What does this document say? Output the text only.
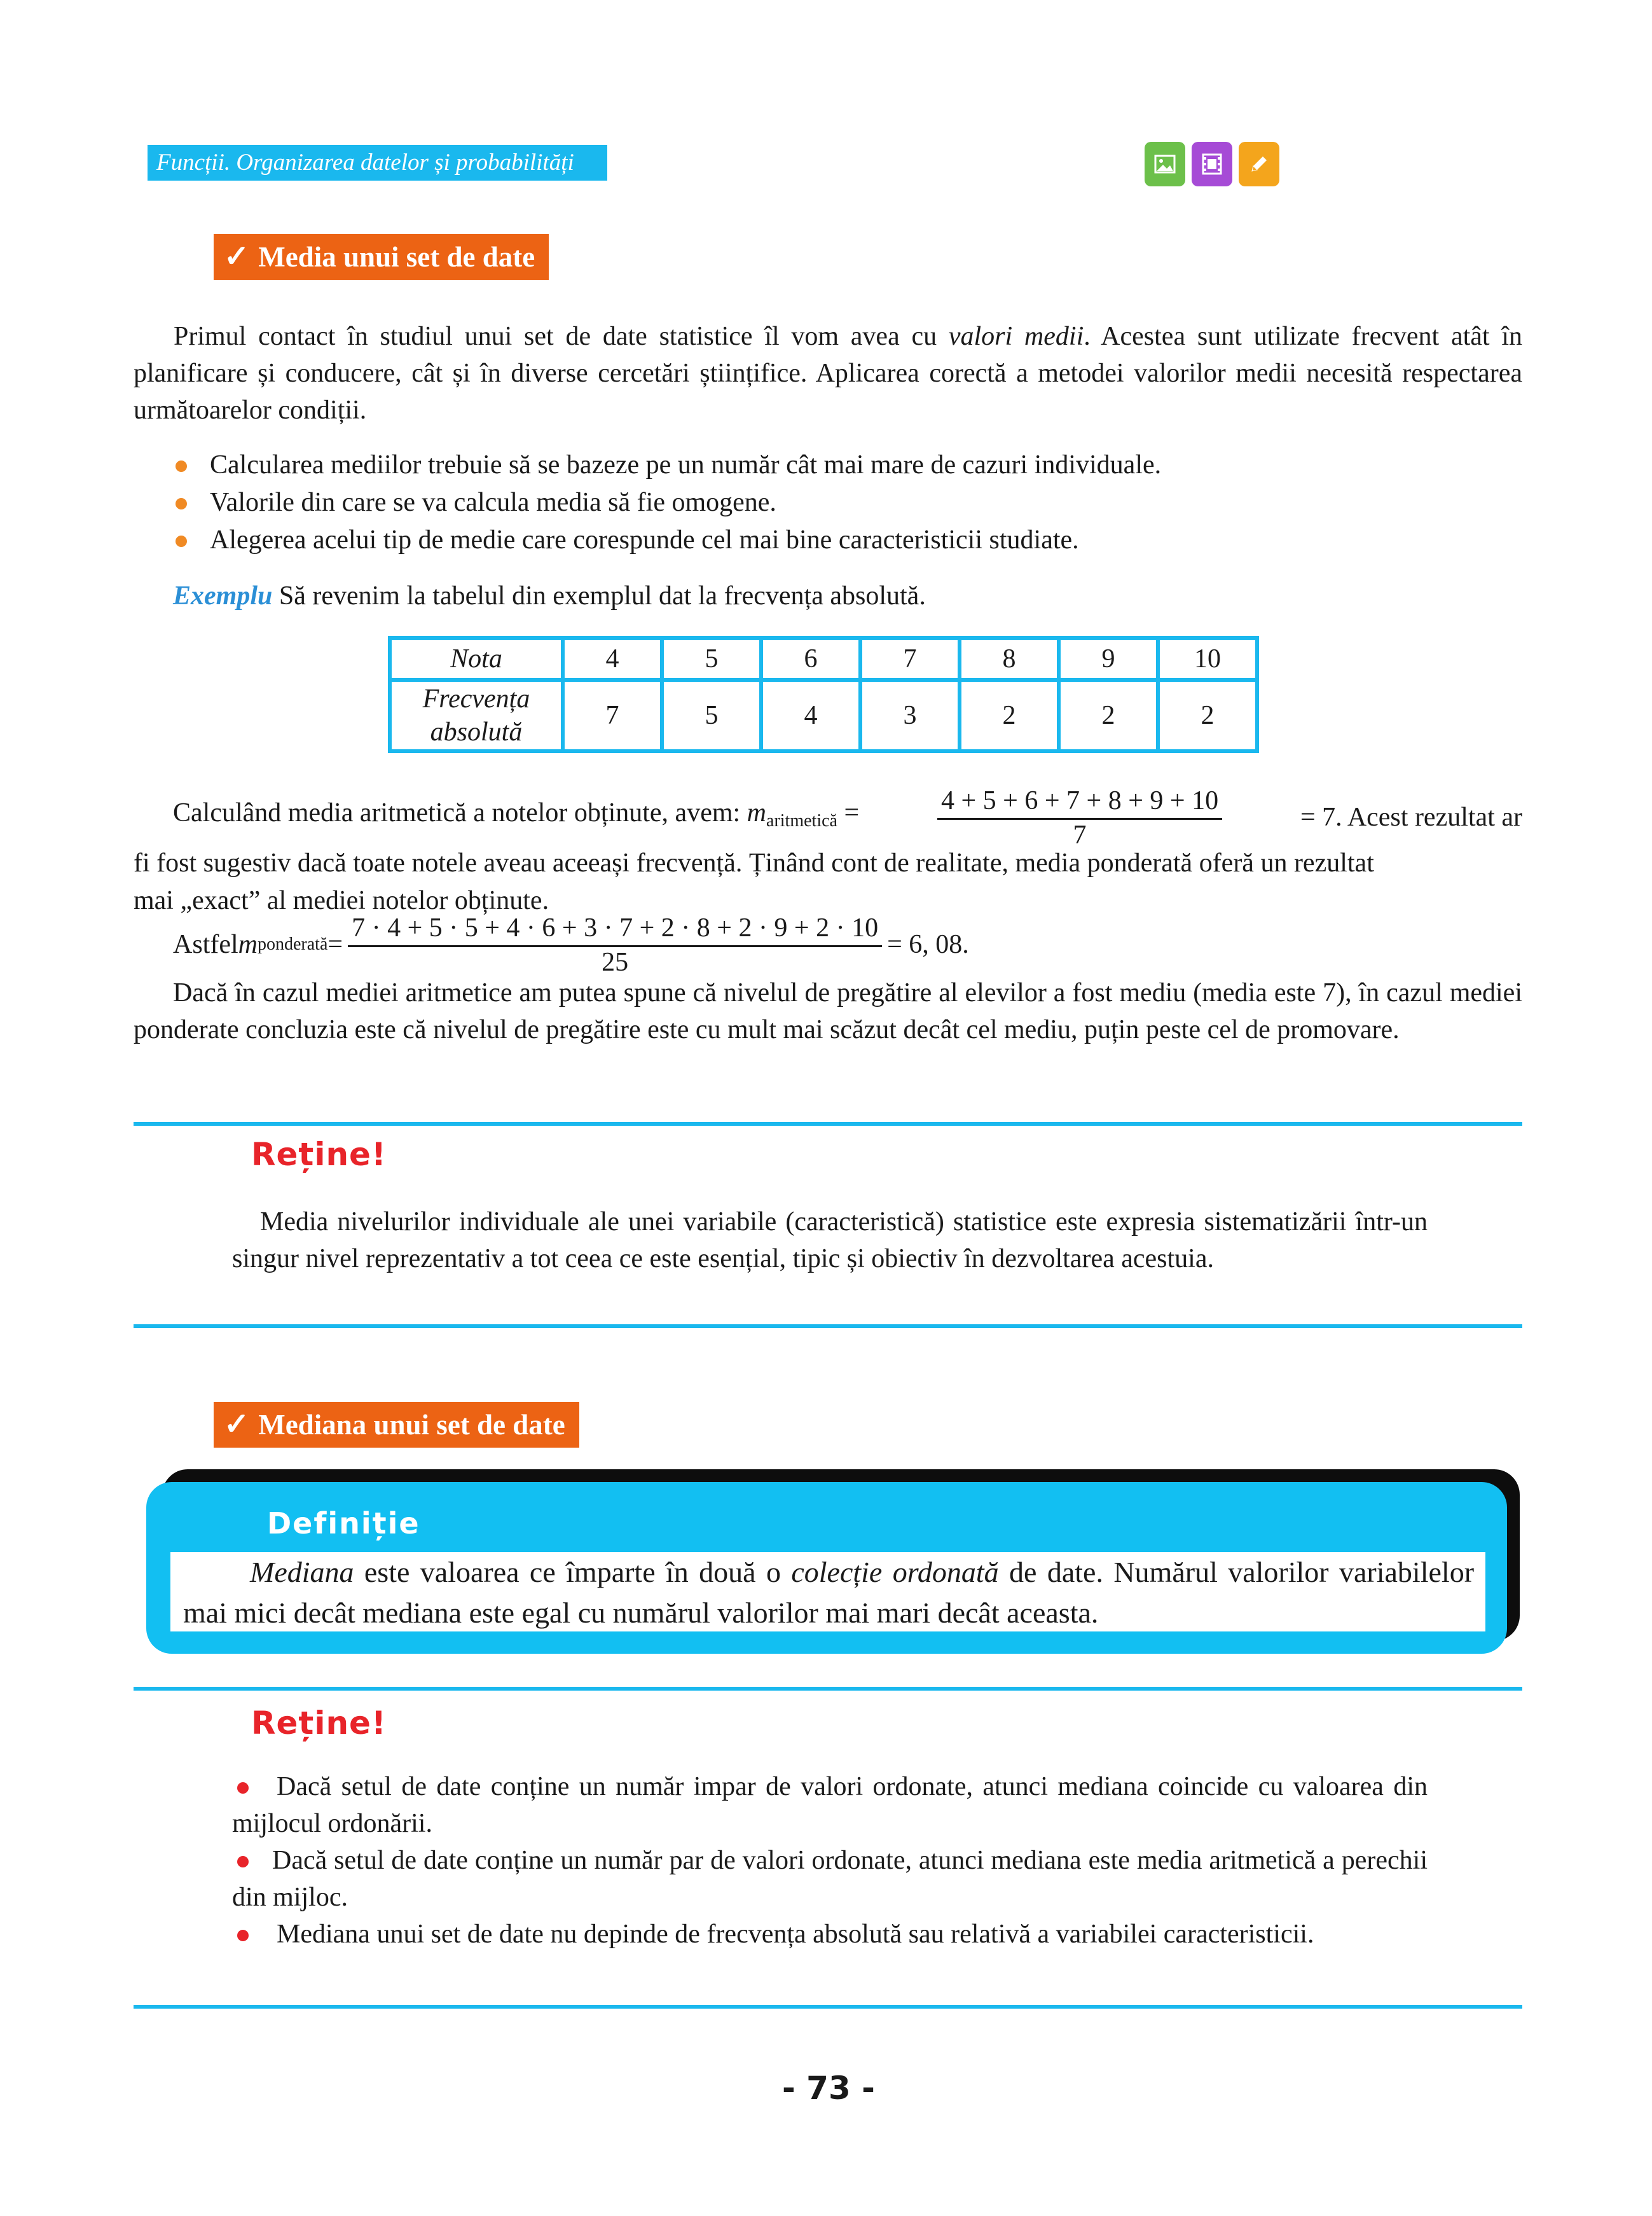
Funcții. Organizarea datelor și probabilități
✓ Media unui set de date
Primul contact în studiul unui set de date statistice îl vom avea cu valori medii. Acestea sunt utilizate frecvent atât în planificare și conducere, cât și în diverse cercetări științifice. Aplicarea corectă a metodei valorilor medii necesită respectarea următoarelor condiții.
Calcularea mediilor trebuie să se bazeze pe un număr cât mai mare de cazuri individuale.
Valorile din care se va calcula media să fie omogene.
Alegerea acelui tip de medie care corespunde cel mai bine caracteristicii studiate.
Exemplu Să revenim la tabelul din exemplul dat la frecvența absolută.
Nota	4	5	6	7	8	9	10

Frecvența
absolută	7	5	4	3	2	2	2
Calculând media aritmetică a notelor obținute, avem: $m_{aritmetică}$ =	$\frac{4 + 5 + 6 + 7 + 8 + 9 + 10}{7}$	= 7. Acest rezultat ar
fi fost sugestiv dacă toate notele aveau aceeași frecvență. Ținând cont de realitate, media ponderată oferă un rezultat
mai „exact” al mediei notelor obținute.
Astfel m ponderată = $\frac{7 \cdot 4 + 5 \cdot 5 + 4 \cdot 6 + 3 \cdot 7 + 2 \cdot 8 + 2 \cdot 9 + 2 \cdot 10}{25} = 6$, 08.
Dacă în cazul mediei aritmetice am putea spune că nivelul de pregătire al elevilor a fost mediu (media este 7), în cazul mediei ponderate concluzia este că nivelul de pregătire este cu mult mai scăzut decât cel mediu, puțin peste cel de promovare.
Reține!
Media nivelurilor individuale ale unei variabile (caracteristică) statistice este expresia sistematizării într-un singur nivel reprezentativ a tot ceea ce este esențial, tipic și obiectiv în dezvoltarea acestuia.
✓ Mediana unui set de date
Definiție
Mediana este valoarea ce împarte în două o colecție ordonată de date. Numărul valorilor variabilelor mai mici decât mediana este egal cu numărul valorilor mai mari decât aceasta.
Reține!
Dacă setul de date conține un număr impar de valori ordonate, atunci mediana coincide cu valoarea din mijlocul ordonării.
Dacă setul de date conține un număr par de valori ordonate, atunci mediana este media aritmetică a perechii din mijloc.
Mediana unui set de date nu depinde de frecvența absolută sau relativă a variabilei caracteristicii.
- 73 -
